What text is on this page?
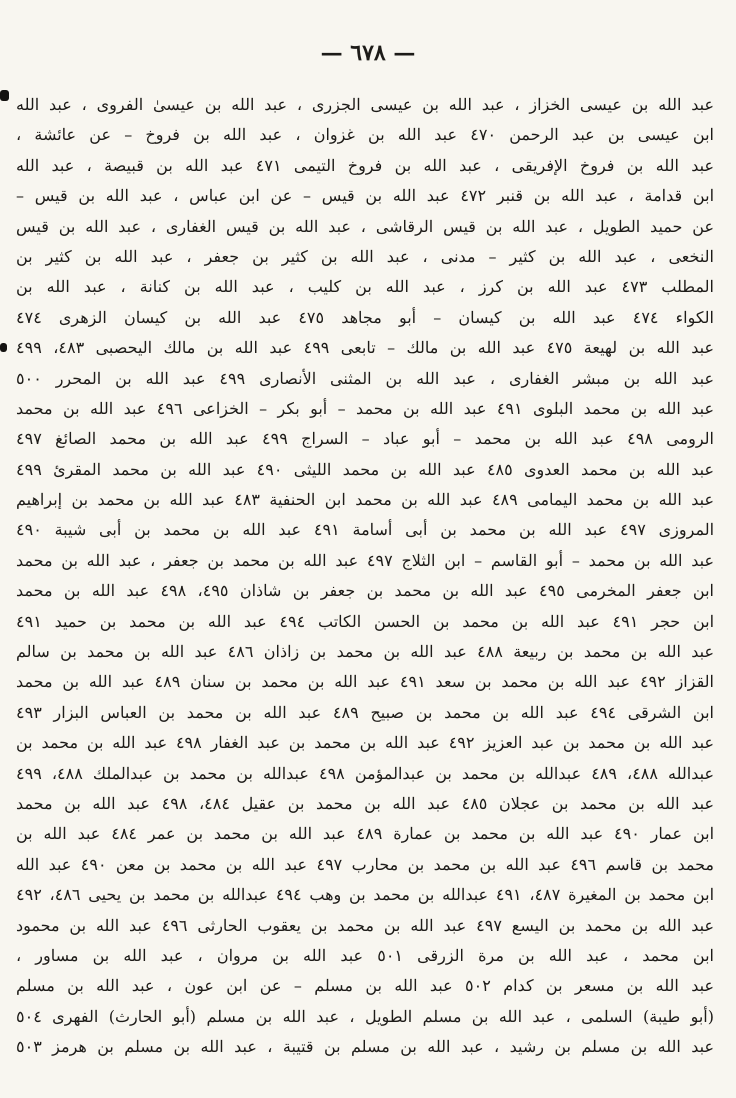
— ٦٧٨ —
عبد الله بن عيسى الخزاز ، عبد الله بن عيسى الجزرى ، عبد الله بن عيسىٰ الفروى ، عبد الله
ابن عيسى بن عبد الرحمن ٤٧٠ عبد الله بن غزوان ، عبد الله بن فروخ – عن عائشة ،
عبد الله بن فروخ الإفريقى ، عبد الله بن فروخ التيمى ٤٧١ عبد الله بن قبيصة ، عبد الله
ابن قدامة ، عبد الله بن قنبر ٤٧٢ عبد الله بن قيس – عن ابن عباس ، عبد الله بن قيس –
عن حميد الطويل ، عبد الله بن قيس الرقاشى ، عبد الله بن قيس الغفارى ، عبد الله بن قيس
النخعى ، عبد الله بن كثير – مدنى ، عبد الله بن كثير بن جعفر ، عبد الله بن كثير بن
المطلب ٤٧٣ عبد الله بن كرز ، عبد الله بن كليب ، عبد الله بن كنانة ، عبد الله بن
الكواء ٤٧٤ عبد الله بن كيسان – أبو مجاهد ٤٧٥ عبد الله بن كيسان الزهرى ٤٧٤
عبد الله بن لهيعة ٤٧٥ عبد الله بن مالك – تابعى ٤٩٩ عبد الله بن مالك اليحصبى ٤٨٣، ٤٩٩
عبد الله بن مبشر الغفارى ، عبد الله بن المثنى الأنصارى ٤٩٩ عبد الله بن المحرر ٥٠٠
عبد الله بن محمد البلوى ٤٩١ عبد الله بن محمد – أبو بكر – الخزاعى ٤٩٦ عبد الله بن محمد
الرومى ٤٩٨ عبد الله بن محمد – أبو عباد – السراج ٤٩٩ عبد الله بن محمد الصائغ ٤٩٧
عبد الله بن محمد العدوى ٤٨٥ عبد الله بن محمد الليثى ٤٩٠ عبد الله بن محمد المقرئ ٤٩٩
عبد الله بن محمد اليمامى ٤٨٩ عبد الله بن محمد ابن الحنفية ٤٨٣ عبد الله بن محمد بن إبراهيم
المروزى ٤٩٧ عبد الله بن محمد بن أبى أسامة ٤٩١ عبد الله بن محمد بن أبى شيبة ٤٩٠
عبد الله بن محمد – أبو القاسم – ابن الثلاج ٤٩٧ عبد الله بن محمد بن جعفر ، عبد الله بن محمد
ابن جعفر المخرمى ٤٩٥ عبد الله بن محمد بن جعفر بن شاذان ٤٩٥، ٤٩٨ عبد الله بن محمد
ابن حجر ٤٩١ عبد الله بن محمد بن الحسن الكاتب ٤٩٤ عبد الله بن محمد بن حميد ٤٩١
عبد الله بن محمد بن ربيعة ٤٨٨ عبد الله بن محمد بن زاذان ٤٨٦ عبد الله بن محمد بن سالم
القزاز ٤٩٢ عبد الله بن محمد بن سعد ٤٩١ عبد الله بن محمد بن سنان ٤٨٩ عبد الله بن محمد
ابن الشرقى ٤٩٤ عبد الله بن محمد بن صبيح ٤٨٩ عبد الله بن محمد بن العباس البزار ٤٩٣
عبد الله بن محمد بن عبد العزيز ٤٩٢ عبد الله بن محمد بن عبد الغفار ٤٩٨ عبد الله بن محمد بن
عبدالله ٤٨٨، ٤٨٩ عبدالله بن محمد بن عبدالمؤمن ٤٩٨ عبدالله بن محمد بن عبدالملك ٤٨٨، ٤٩٩
عبد الله بن محمد بن عجلان ٤٨٥ عبد الله بن محمد بن عقيل ٤٨٤، ٤٩٨ عبد الله بن محمد
ابن عمار ٤٩٠ عبد الله بن محمد بن عمارة ٤٨٩ عبد الله بن محمد بن عمر ٤٨٤ عبد الله بن
محمد بن قاسم ٤٩٦ عبد الله بن محمد بن محارب ٤٩٧ عبد الله بن محمد بن معن ٤٩٠ عبد الله
ابن محمد بن المغيرة ٤٨٧، ٤٩١ عبدالله بن محمد بن وهب ٤٩٤ عبدالله بن محمد بن يحيى ٤٨٦، ٤٩٢
عبد الله بن محمد بن اليسع ٤٩٧ عبد الله بن محمد بن يعقوب الحارثى ٤٩٦ عبد الله بن محمود
ابن محمد ، عبد الله بن مرة الزرقى ٥٠١ عبد الله بن مروان ، عبد الله بن مساور ،
عبد الله بن مسعر بن كدام ٥٠٢ عبد الله بن مسلم – عن ابن عون ، عبد الله بن مسلم
(أبو طيبة) السلمى ، عبد الله بن مسلم الطويل ، عبد الله بن مسلم (أبو الحارث) الفهرى ٥٠٤
عبد الله بن مسلم بن رشيد ، عبد الله بن مسلم بن قتيبة ، عبد الله بن مسلم بن هرمز ٥٠٣
